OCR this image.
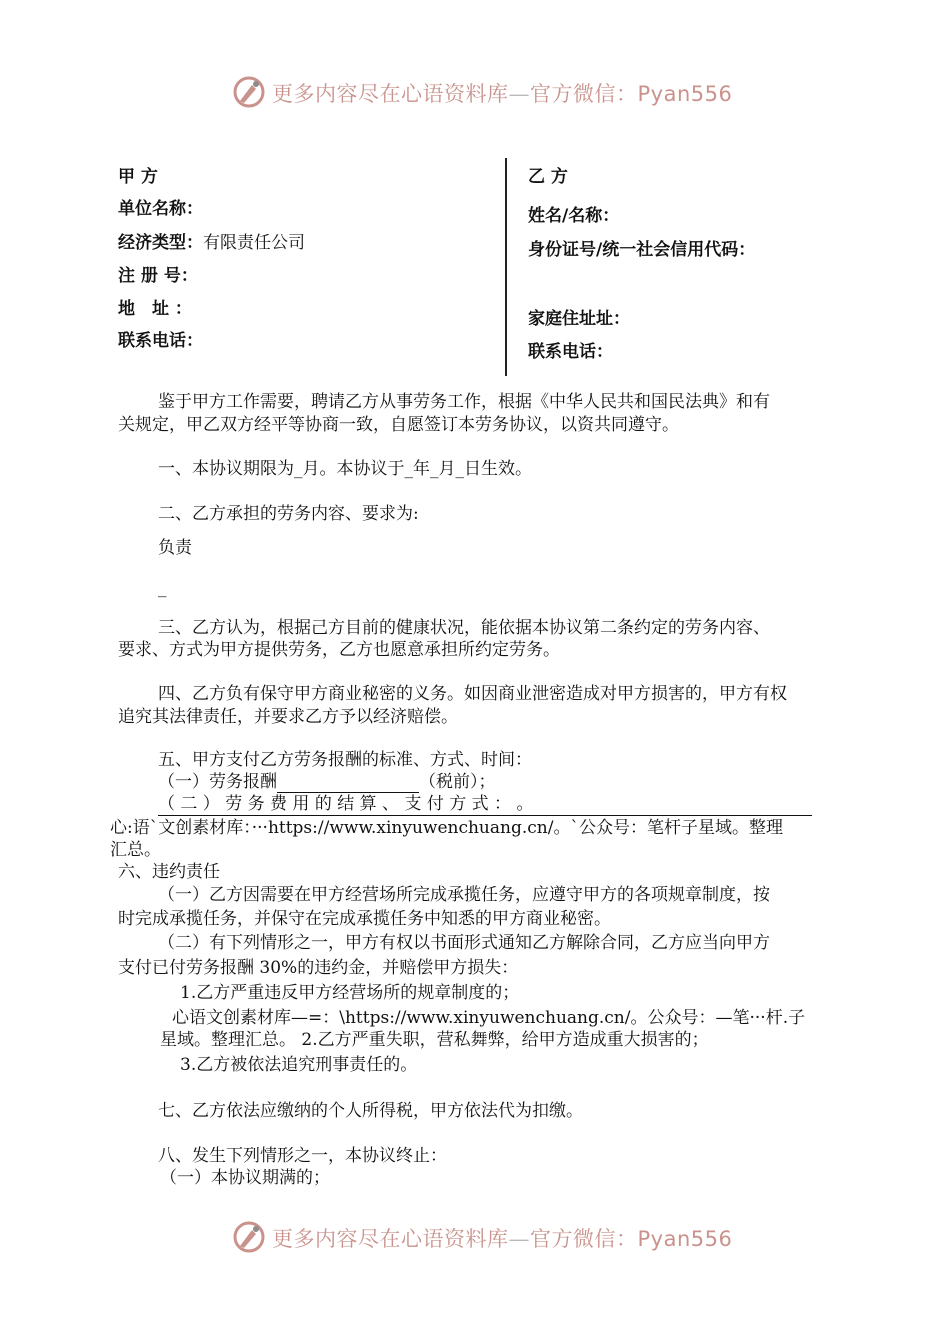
更多内容尽在心语资料库—官方微信：Pyan556
甲 方
单位名称：
经济类型：有限责任公司
注 册 号：
地　址 ：
联系电话：
乙 方
姓名/名称：
身份证号/统一社会信用代码：
家庭住址址：
联系电话：
鉴于甲方工作需要，聘请乙方从事劳务工作，根据《中华人民共和国民法典》和有
关规定，甲乙双方经平等协商一致，自愿签订本劳务协议，以资共同遵守。
一、本协议期限为_月。本协议于_年_月_日生效。
二、乙方承担的劳务内容、要求为:
负责
_
三、乙方认为，根据己方目前的健康状况，能依据本协议第二条约定的劳务内容、
要求、方式为甲方提供劳务，乙方也愿意承担所约定劳务。
四、乙方负有保守甲方商业秘密的义务。如因商业泄密造成对甲方损害的，甲方有权
追究其法律责任，并要求乙方予以经济赔偿。
五、甲方支付乙方劳务报酬的标准、方式、时间：
（一）劳务报酬	（税前）；
（ 二 ） 劳 务 费 用 的 结 算 、 支 付 方 式 ： 。
心:语`文创素材库：···https://www.xinyuwenchuang.cn/。`公众号：笔杆子星域。整理
汇总。
六、违约责任
（一）乙方因需要在甲方经营场所完成承揽任务，应遵守甲方的各项规章制度，按
时完成承揽任务，并保守在完成承揽任务中知悉的甲方商业秘密。
（二）有下列情形之一，甲方有权以书面形式通知乙方解除合同，乙方应当向甲方
支付已付劳务报酬 30%的违约金，并赔偿甲方损失：
1.乙方严重违反甲方经营场所的规章制度的；
心语文创素材库—=：\https://www.xinyuwenchuang.cn/。公众号：—笔···杆.子
星域。整理汇总。 2.乙方严重失职，营私舞弊，给甲方造成重大损害的；
3.乙方被依法追究刑事责任的。
七、乙方依法应缴纳的个人所得税，甲方依法代为扣缴。
八、发生下列情形之一，本协议终止：
（一）本协议期满的；
更多内容尽在心语资料库—官方微信：Pyan556
